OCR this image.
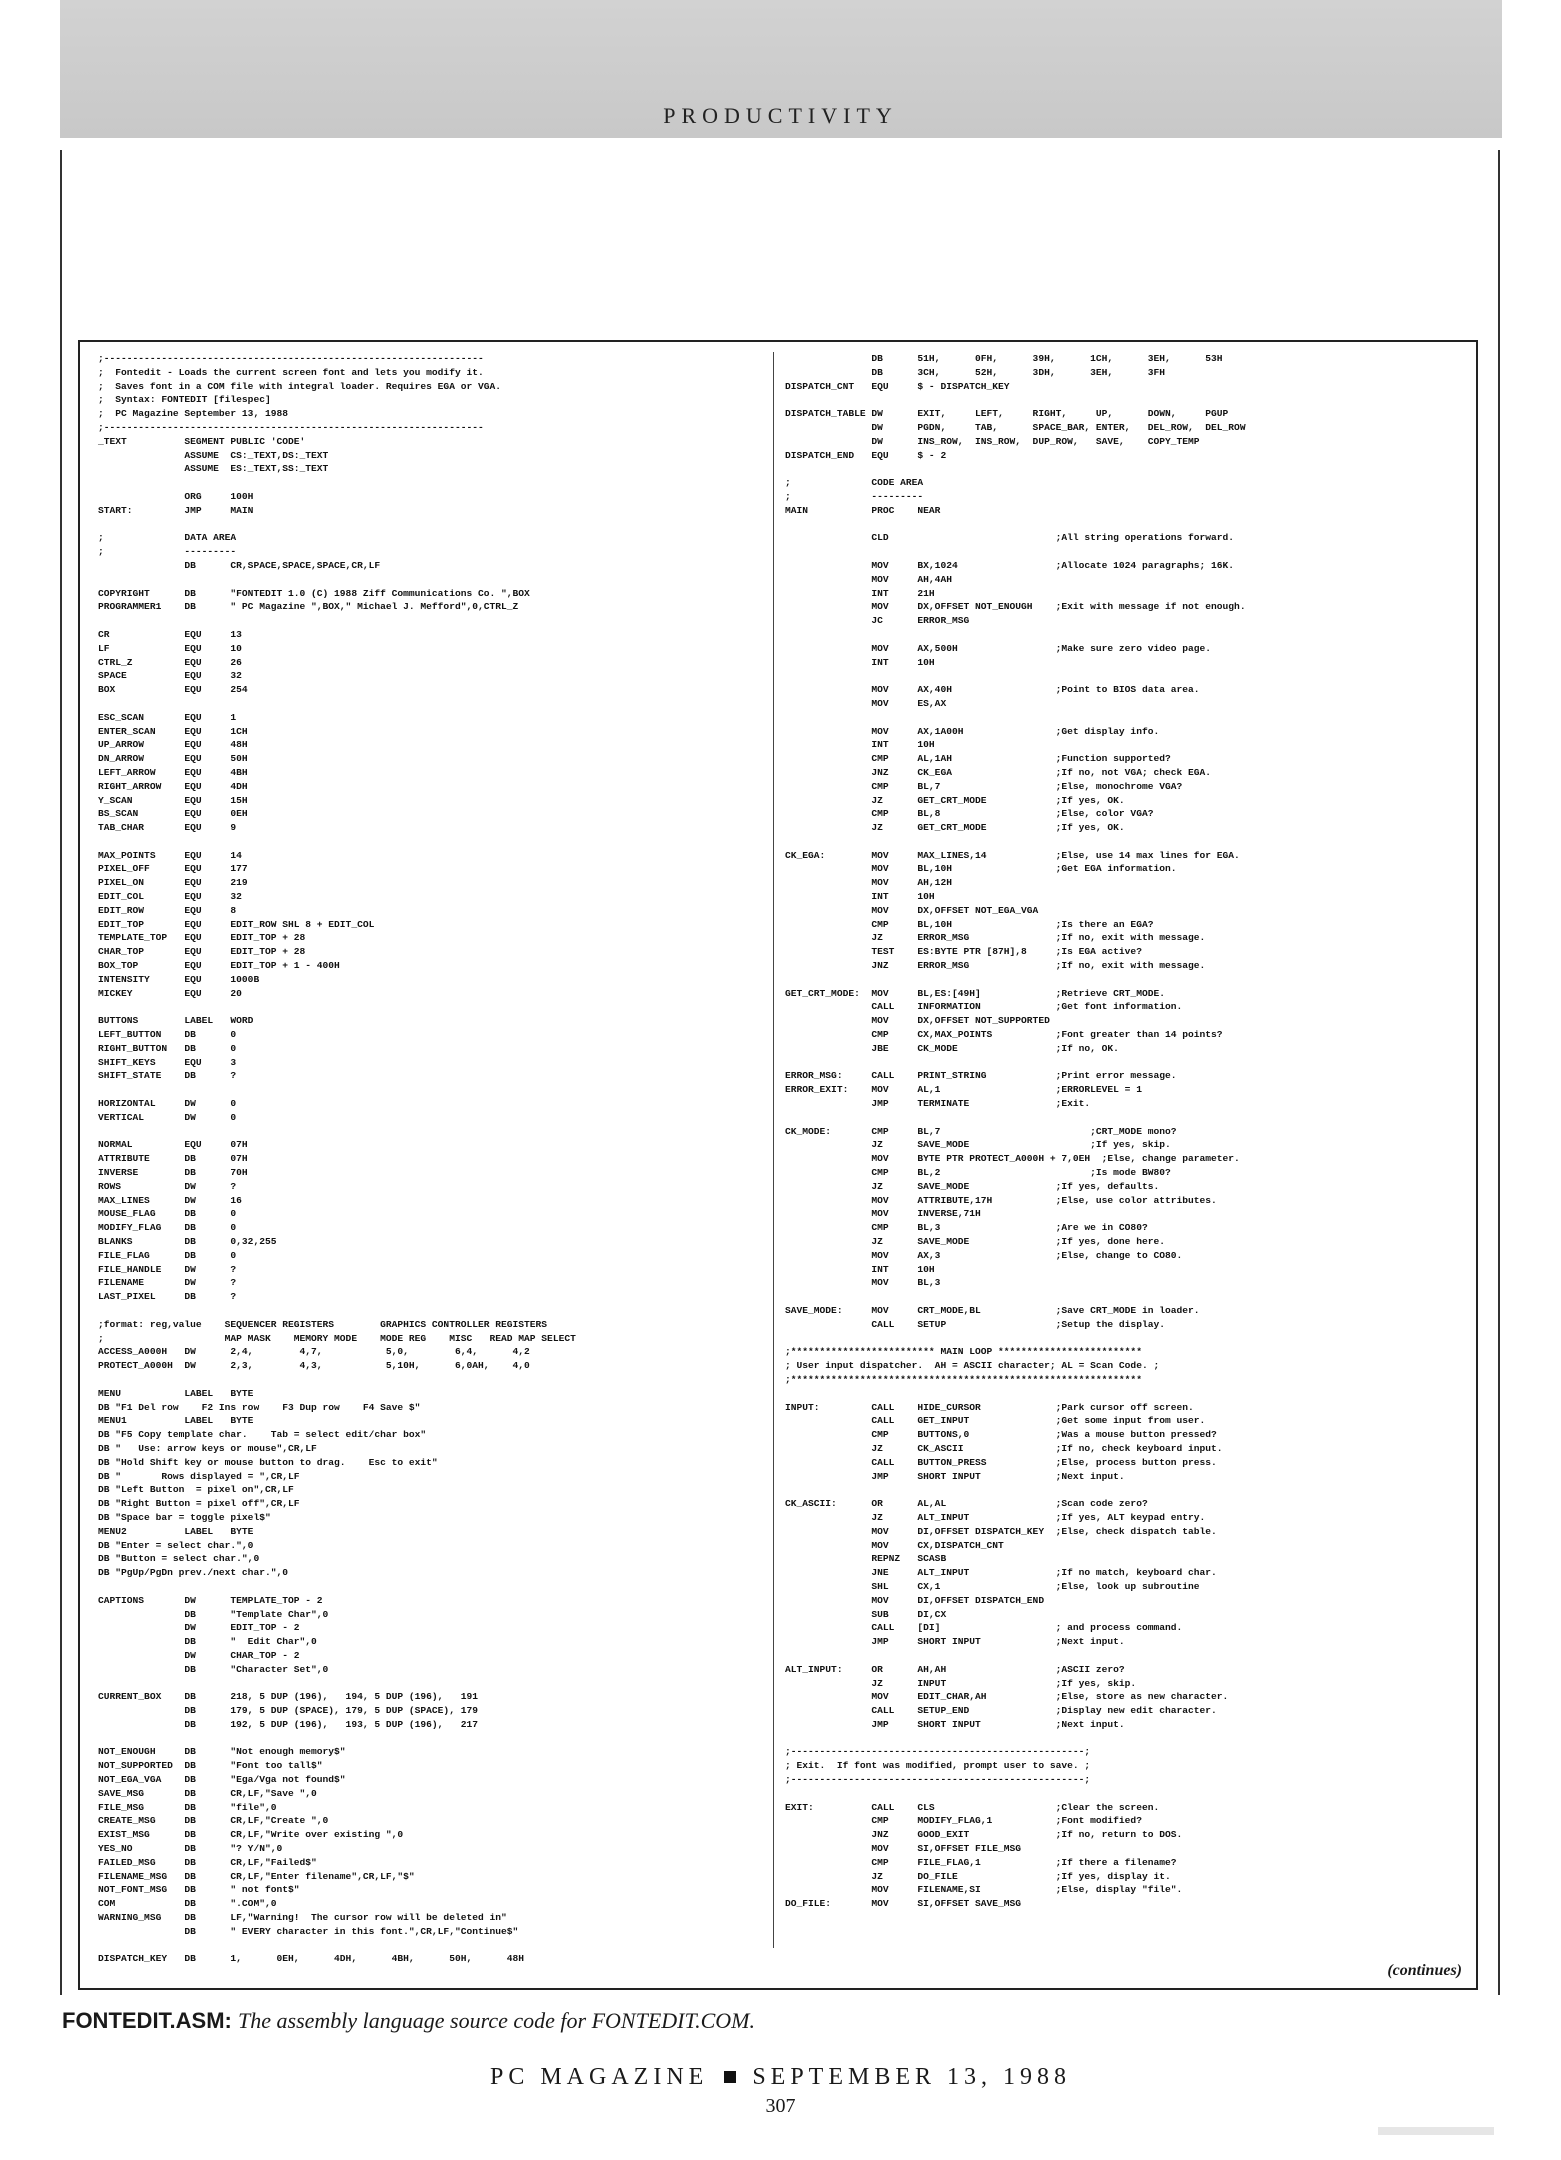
PRODUCTIVITY
;------------------------------------------------------------------
;  Fontedit - Loads the current screen font and lets you modify it.
;  Saves font in a COM file with integral loader. Requires EGA or VGA.
;  Syntax: FONTEDIT [filespec]
;  PC Magazine September 13, 1988
;------------------------------------------------------------------
_TEXT          SEGMENT PUBLIC 'CODE'
ASSUME  CS:_TEXT,DS:_TEXT
ASSUME  ES:_TEXT,SS:_TEXT
ORG     100H
START:         JMP     MAIN
;              DATA AREA
;              ---------
DB      CR,SPACE,SPACE,SPACE,CR,LF
COPYRIGHT      DB      "FONTEDIT 1.0 (C) 1988 Ziff Communications Co. ",BOX
PROGRAMMER1    DB      " PC Magazine ",BOX," Michael J. Mefford",0,CTRL_Z
CR             EQU     13
LF             EQU     10
CTRL_Z         EQU     26
SPACE          EQU     32
BOX            EQU     254
ESC_SCAN       EQU     1
ENTER_SCAN     EQU     1CH
UP_ARROW       EQU     48H
DN_ARROW       EQU     50H
LEFT_ARROW     EQU     4BH
RIGHT_ARROW    EQU     4DH
Y_SCAN         EQU     15H
BS_SCAN        EQU     0EH
TAB_CHAR       EQU     9
MAX_POINTS     EQU     14
PIXEL_OFF      EQU     177
PIXEL_ON       EQU     219
EDIT_COL       EQU     32
EDIT_ROW       EQU     8
EDIT_TOP       EQU     EDIT_ROW SHL 8 + EDIT_COL
TEMPLATE_TOP   EQU     EDIT_TOP + 28
CHAR_TOP       EQU     EDIT_TOP + 28
BOX_TOP        EQU     EDIT_TOP + 1 - 400H
INTENSITY      EQU     1000B
MICKEY         EQU     20
BUTTONS        LABEL   WORD
LEFT_BUTTON    DB      0
RIGHT_BUTTON   DB      0
SHIFT_KEYS     EQU     3
SHIFT_STATE    DB      ?
HORIZONTAL     DW      0
VERTICAL       DW      0
NORMAL         EQU     07H
ATTRIBUTE      DB      07H
INVERSE        DB      70H
ROWS           DW      ?
MAX_LINES      DW      16
MOUSE_FLAG     DB      0
MODIFY_FLAG    DB      0
BLANKS         DB      0,32,255
FILE_FLAG      DB      0
FILE_HANDLE    DW      ?
FILENAME       DW      ?
LAST_PIXEL     DB      ?
;format: reg,value    SEQUENCER REGISTERS        GRAPHICS CONTROLLER REGISTERS
;                     MAP MASK    MEMORY MODE    MODE REG    MISC   READ MAP SELECT
ACCESS_A000H   DW      2,4,        4,7,           5,0,        6,4,      4,2
PROTECT_A000H  DW      2,3,        4,3,           5,10H,      6,0AH,    4,0
MENU           LABEL   BYTE
DB "F1 Del row    F2 Ins row    F3 Dup row    F4 Save $"
MENU1          LABEL   BYTE
DB "F5 Copy template char.    Tab = select edit/char box"
DB "   Use: arrow keys or mouse",CR,LF
DB "Hold Shift key or mouse button to drag.    Esc to exit"
DB "       Rows displayed = ",CR,LF
DB "Left Button  = pixel on",CR,LF
DB "Right Button = pixel off",CR,LF
DB "Space bar = toggle pixel$"
MENU2          LABEL   BYTE
DB "Enter = select char.",0
DB "Button = select char.",0
DB "PgUp/PgDn prev./next char.",0
CAPTIONS       DW      TEMPLATE_TOP - 2
DB      "Template Char",0
DW      EDIT_TOP - 2
DB      "  Edit Char",0
DW      CHAR_TOP - 2
DB      "Character Set",0
CURRENT_BOX    DB      218, 5 DUP (196),   194, 5 DUP (196),   191
DB      179, 5 DUP (SPACE), 179, 5 DUP (SPACE), 179
DB      192, 5 DUP (196),   193, 5 DUP (196),   217
NOT_ENOUGH     DB      "Not enough memory$"
NOT_SUPPORTED  DB      "Font too tall$"
NOT_EGA_VGA    DB      "Ega/Vga not found$"
SAVE_MSG       DB      CR,LF,"Save ",0
FILE_MSG       DB      "file",0
CREATE_MSG     DB      CR,LF,"Create ",0
EXIST_MSG      DB      CR,LF,"Write over existing ",0
YES_NO         DB      "? Y/N",0
FAILED_MSG     DB      CR,LF,"Failed$"
FILENAME_MSG   DB      CR,LF,"Enter filename",CR,LF,"$"
NOT_FONT_MSG   DB      " not font$"
COM            DB      ".COM",0
WARNING_MSG    DB      LF,"Warning!  The cursor row will be deleted in"
DB      " EVERY character in this font.",CR,LF,"Continue$"
DISPATCH_KEY   DB      1,      0EH,      4DH,      4BH,      50H,      48H
DB      51H,      0FH,      39H,      1CH,      3EH,      53H
DB      3CH,      52H,      3DH,      3EH,      3FH
DISPATCH_CNT   EQU     $ - DISPATCH_KEY
DISPATCH_TABLE DW      EXIT,     LEFT,     RIGHT,     UP,      DOWN,     PGUP
DW      PGDN,     TAB,      SPACE_BAR, ENTER,   DEL_ROW,  DEL_ROW
DW      INS_ROW,  INS_ROW,  DUP_ROW,   SAVE,    COPY_TEMP
DISPATCH_END   EQU     $ - 2
;              CODE AREA
;              ---------
MAIN           PROC    NEAR
CLD                             ;All string operations forward.
MOV     BX,1024                 ;Allocate 1024 paragraphs; 16K.
MOV     AH,4AH
INT     21H
MOV     DX,OFFSET NOT_ENOUGH    ;Exit with message if not enough.
JC      ERROR_MSG
MOV     AX,500H                 ;Make sure zero video page.
INT     10H
MOV     AX,40H                  ;Point to BIOS data area.
MOV     ES,AX
MOV     AX,1A00H                ;Get display info.
INT     10H
CMP     AL,1AH                  ;Function supported?
JNZ     CK_EGA                  ;If no, not VGA; check EGA.
CMP     BL,7                    ;Else, monochrome VGA?
JZ      GET_CRT_MODE            ;If yes, OK.
CMP     BL,8                    ;Else, color VGA?
JZ      GET_CRT_MODE            ;If yes, OK.
CK_EGA:        MOV     MAX_LINES,14            ;Else, use 14 max lines for EGA.
MOV     BL,10H                  ;Get EGA information.
MOV     AH,12H
INT     10H
MOV     DX,OFFSET NOT_EGA_VGA
CMP     BL,10H                  ;Is there an EGA?
JZ      ERROR_MSG               ;If no, exit with message.
TEST    ES:BYTE PTR [87H],8     ;Is EGA active?
JNZ     ERROR_MSG               ;If no, exit with message.
GET_CRT_MODE:  MOV     BL,ES:[49H]             ;Retrieve CRT_MODE.
CALL    INFORMATION             ;Get font information.
MOV     DX,OFFSET NOT_SUPPORTED
CMP     CX,MAX_POINTS           ;Font greater than 14 points?
JBE     CK_MODE                 ;If no, OK.
ERROR_MSG:     CALL    PRINT_STRING            ;Print error message.
ERROR_EXIT:    MOV     AL,1                    ;ERRORLEVEL = 1
JMP     TERMINATE               ;Exit.
CK_MODE:       CMP     BL,7                          ;CRT_MODE mono?
JZ      SAVE_MODE                     ;If yes, skip.
MOV     BYTE PTR PROTECT_A000H + 7,0EH  ;Else, change parameter.
CMP     BL,2                          ;Is mode BW80?
JZ      SAVE_MODE               ;If yes, defaults.
MOV     ATTRIBUTE,17H           ;Else, use color attributes.
MOV     INVERSE,71H
CMP     BL,3                    ;Are we in CO80?
JZ      SAVE_MODE               ;If yes, done here.
MOV     AX,3                    ;Else, change to CO80.
INT     10H
MOV     BL,3
SAVE_MODE:     MOV     CRT_MODE,BL             ;Save CRT_MODE in loader.
CALL    SETUP                   ;Setup the display.
;************************* MAIN LOOP *************************
; User input dispatcher.  AH = ASCII character; AL = Scan Code. ;
;*************************************************************
INPUT:         CALL    HIDE_CURSOR             ;Park cursor off screen.
CALL    GET_INPUT               ;Get some input from user.
CMP     BUTTONS,0               ;Was a mouse button pressed?
JZ      CK_ASCII                ;If no, check keyboard input.
CALL    BUTTON_PRESS            ;Else, process button press.
JMP     SHORT INPUT             ;Next input.
CK_ASCII:      OR      AL,AL                   ;Scan code zero?
JZ      ALT_INPUT               ;If yes, ALT keypad entry.
MOV     DI,OFFSET DISPATCH_KEY  ;Else, check dispatch table.
MOV     CX,DISPATCH_CNT
REPNZ   SCASB
JNE     ALT_INPUT               ;If no match, keyboard char.
SHL     CX,1                    ;Else, look up subroutine
MOV     DI,OFFSET DISPATCH_END
SUB     DI,CX
CALL    [DI]                    ; and process command.
JMP     SHORT INPUT             ;Next input.
ALT_INPUT:     OR      AH,AH                   ;ASCII zero?
JZ      INPUT                   ;If yes, skip.
MOV     EDIT_CHAR,AH            ;Else, store as new character.
CALL    SETUP_END               ;Display new edit character.
JMP     SHORT INPUT             ;Next input.
;---------------------------------------------------;
; Exit.  If font was modified, prompt user to save. ;
;---------------------------------------------------;
EXIT:          CALL    CLS                     ;Clear the screen.
CMP     MODIFY_FLAG,1           ;Font modified?
JNZ     GOOD_EXIT               ;If no, return to DOS.
MOV     SI,OFFSET FILE_MSG
CMP     FILE_FLAG,1             ;If there a filename?
JZ      DO_FILE                 ;If yes, display it.
MOV     FILENAME,SI             ;Else, display "file".
DO_FILE:       MOV     SI,OFFSET SAVE_MSG
(continues)
FONTEDIT.ASM: The assembly language source code for FONTEDIT.COM.
PC MAGAZINE SEPTEMBER 13, 1988
307
